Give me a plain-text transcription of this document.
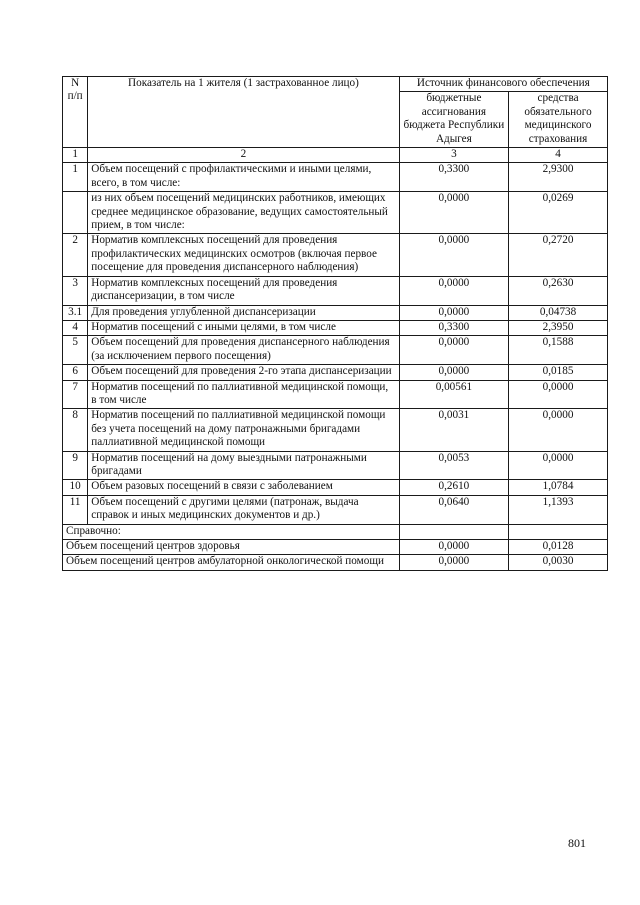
N п/п	Показатель на 1 жителя (1 застрахованное лицо)	Источник финансового обеспечения	
		бюджетные ассигнования бюджета Республики Адыгея	средства обязательного медицинского страхования
1	2	3	4
1	Объем посещений с профилактическими и иными целями, всего, в том числе:	0,3300	2,9300
	из них объем посещений медицинских работников, имеющих среднее медицинское образование, ведущих самостоятельный прием, в том числе:	0,0000	0,0269
2	Норматив комплексных посещений для проведения профилактических медицинских осмотров (включая первое посещение для проведения диспансерного наблюдения)	0,0000	0,2720
3	Норматив комплексных посещений для проведения диспансеризации, в том числе	0,0000	0,2630
3.1	Для проведения углубленной диспансеризации	0,0000	0,04738
4	Норматив посещений с иными целями, в том числе	0,3300	2,3950
5	Объем посещений для проведения диспансерного наблюдения (за исключением первого посещения)	0,0000	0,1588
6	Объем посещений для проведения 2-го этапа диспансеризации	0,0000	0,0185
7	Норматив посещений по паллиативной медицинской помощи, в том числе	0,00561	0,0000
8	Норматив посещений по паллиативной медицинской помощи без учета посещений на дому патронажными бригадами паллиативной медицинской помощи	0,0031	0,0000
9	Норматив посещений на дому выездными патронажными бригадами	0,0053	0,0000
10	Объем разовых посещений в связи с заболеванием	0,2610	1,0784
11	Объем посещений с другими целями (патронаж, выдача справок и иных медицинских документов и др.)	0,0640	1,1393
Справочно:			
Объем посещений центров здоровья		0,0000	0,0128
Объем посещений центров амбулаторной онкологической помощи		0,0000	0,0030
801
